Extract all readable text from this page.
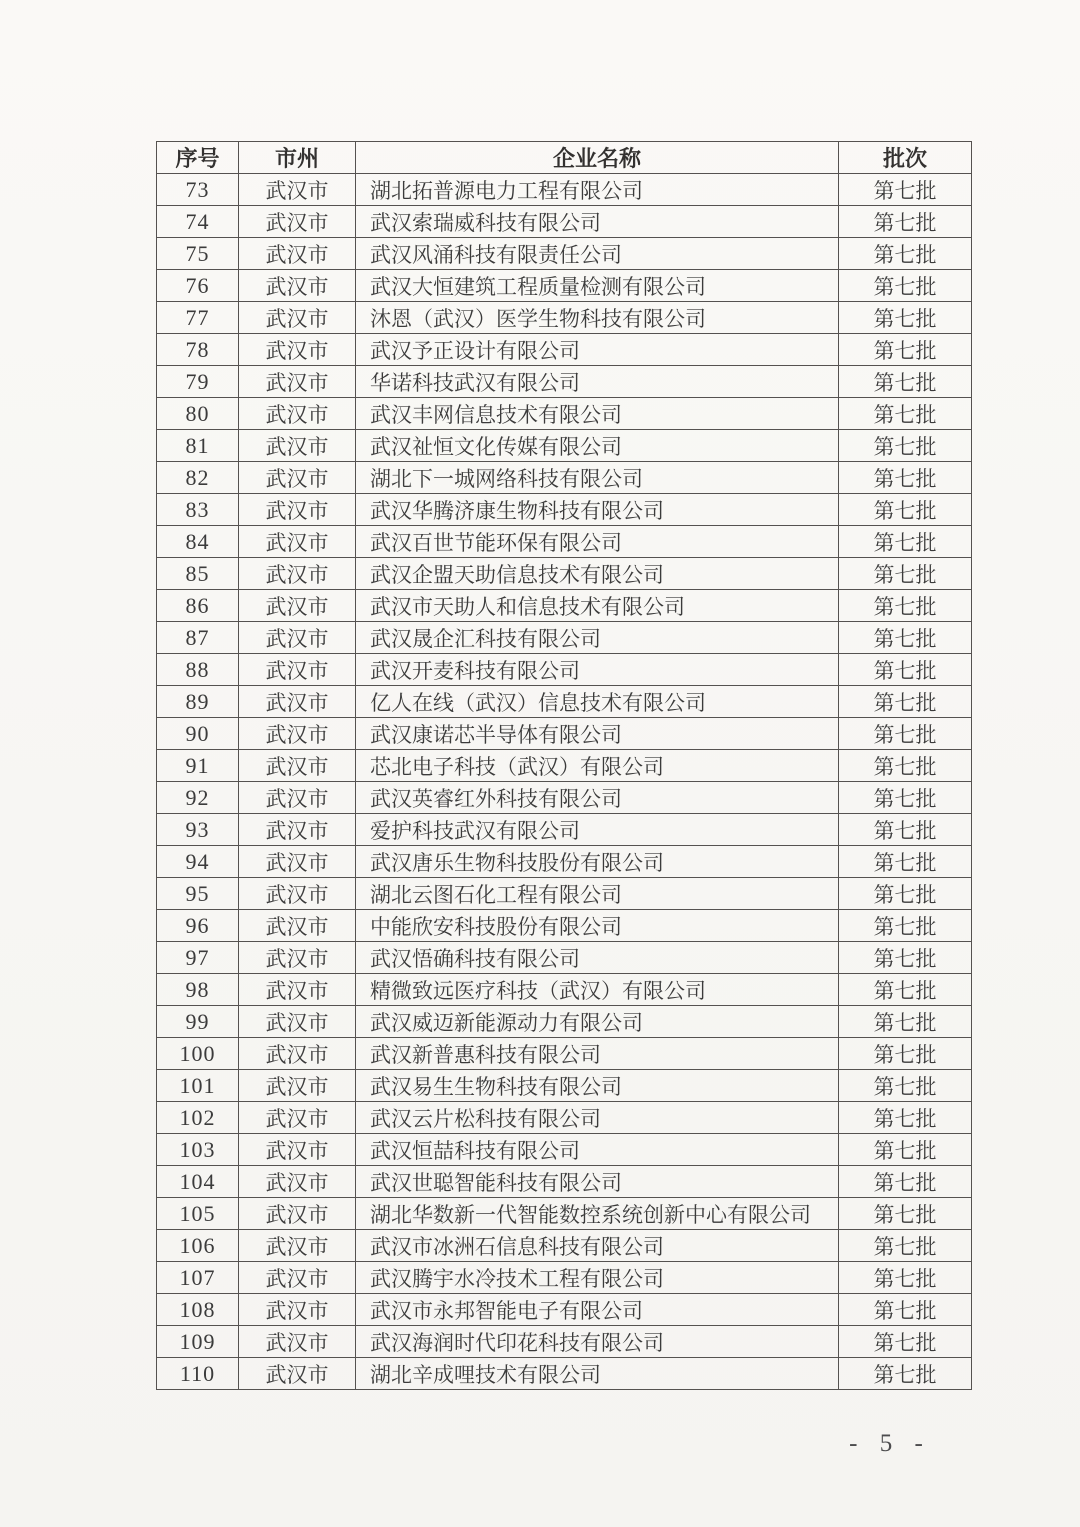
序号	市州	企业名称	批次
73	武汉市	湖北拓普源电力工程有限公司	第七批
74	武汉市	武汉索瑞威科技有限公司	第七批
75	武汉市	武汉风涌科技有限责任公司	第七批
76	武汉市	武汉大恒建筑工程质量检测有限公司	第七批
77	武汉市	沐恩（武汉）医学生物科技有限公司	第七批
78	武汉市	武汉予正设计有限公司	第七批
79	武汉市	华诺科技武汉有限公司	第七批
80	武汉市	武汉丰网信息技术有限公司	第七批
81	武汉市	武汉祉恒文化传媒有限公司	第七批
82	武汉市	湖北下一城网络科技有限公司	第七批
83	武汉市	武汉华腾济康生物科技有限公司	第七批
84	武汉市	武汉百世节能环保有限公司	第七批
85	武汉市	武汉企盟天助信息技术有限公司	第七批
86	武汉市	武汉市天助人和信息技术有限公司	第七批
87	武汉市	武汉晟企汇科技有限公司	第七批
88	武汉市	武汉开麦科技有限公司	第七批
89	武汉市	亿人在线（武汉）信息技术有限公司	第七批
90	武汉市	武汉康诺芯半导体有限公司	第七批
91	武汉市	芯北电子科技（武汉）有限公司	第七批
92	武汉市	武汉英睿红外科技有限公司	第七批
93	武汉市	爱护科技武汉有限公司	第七批
94	武汉市	武汉唐乐生物科技股份有限公司	第七批
95	武汉市	湖北云图石化工程有限公司	第七批
96	武汉市	中能欣安科技股份有限公司	第七批
97	武汉市	武汉悟确科技有限公司	第七批
98	武汉市	精微致远医疗科技（武汉）有限公司	第七批
99	武汉市	武汉威迈新能源动力有限公司	第七批
100	武汉市	武汉新普惠科技有限公司	第七批
101	武汉市	武汉易生生物科技有限公司	第七批
102	武汉市	武汉云片松科技有限公司	第七批
103	武汉市	武汉恒喆科技有限公司	第七批
104	武汉市	武汉世聪智能科技有限公司	第七批
105	武汉市	湖北华数新一代智能数控系统创新中心有限公司	第七批
106	武汉市	武汉市冰洲石信息科技有限公司	第七批
107	武汉市	武汉腾宇水冷技术工程有限公司	第七批
108	武汉市	武汉市永邦智能电子有限公司	第七批
109	武汉市	武汉海润时代印花科技有限公司	第七批
110	武汉市	湖北辛成哩技术有限公司	第七批
- 5 -
